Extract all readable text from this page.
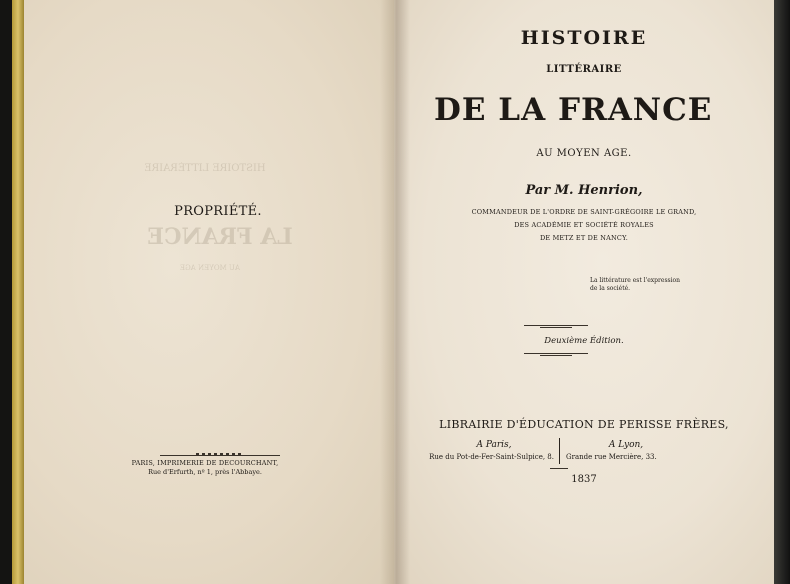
HISTOIRE LITTÉRAIRE
LA FRANCE
AU MOYEN AGE
PROPRIÉTÉ.
PARIS, IMPRIMERIE DE DECOURCHANT,
Rue d'Erfurth, nº 1, près l'Abbaye.
HISTOIRE
LITTÉRAIRE
DE LA FRANCE
AU MOYEN AGE.
Par M. Henrion,
COMMANDEUR DE L'ORDRE DE SAINT-GRÉGOIRE LE GRAND,
DES ACADÉMIE ET SOCIÉTÉ ROYALES
DE METZ ET DE NANCY.
La littérature est l'expression de la société.
Deuxième Édition.
LIBRAIRIE D'ÉDUCATION DE PERISSE FRÈRES,
A Paris,
Rue du Pot-de-Fer-Saint-Sulpice, 8.
A Lyon,
Grande rue Mercière, 33.
1837
